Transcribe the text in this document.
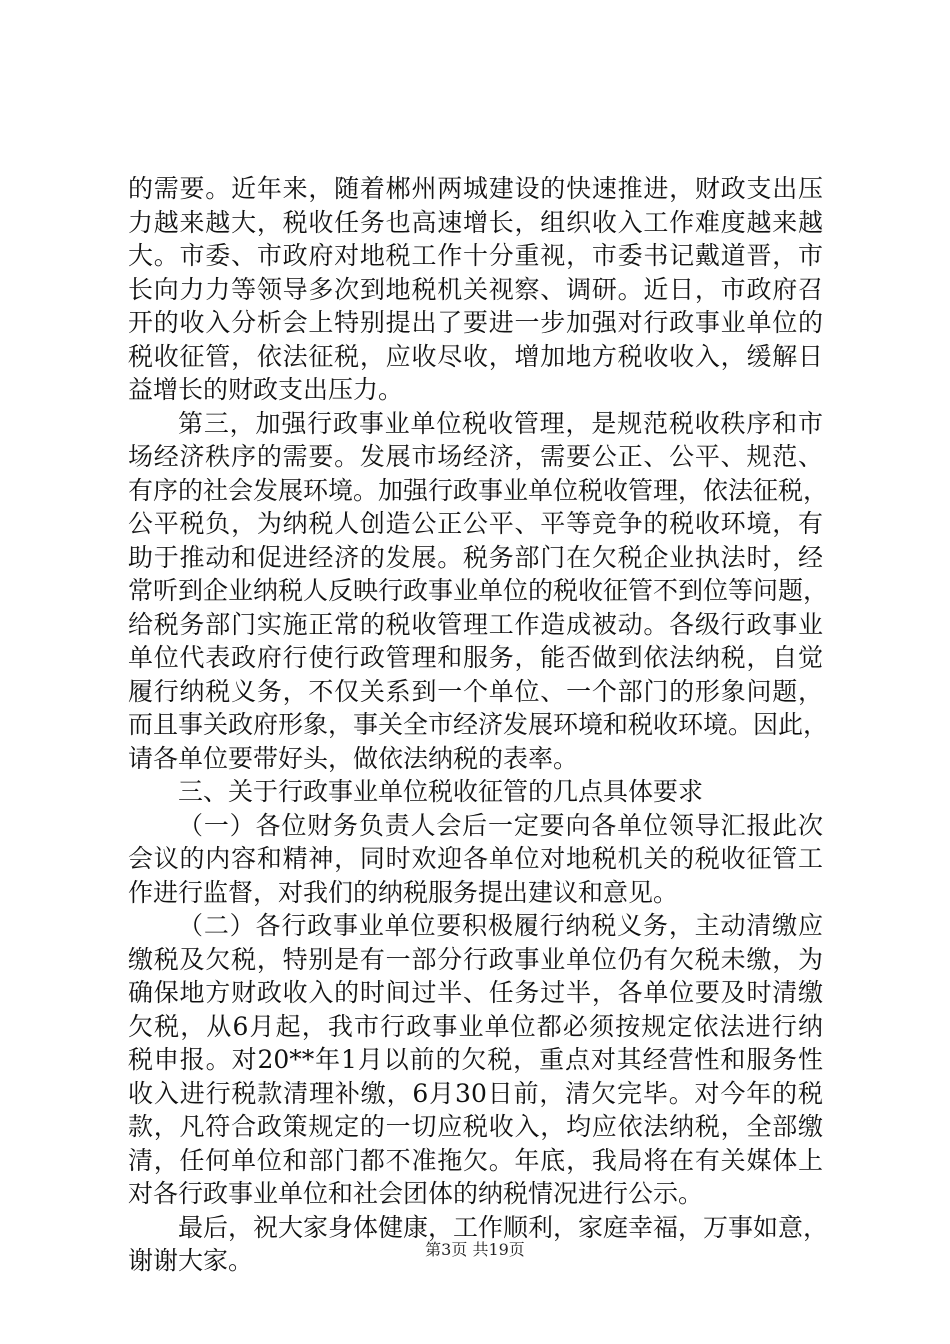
的需要。近年来，随着郴州两城建设的快速推进，财政支出压
力越来越大，税收任务也高速增长，组织收入工作难度越来越
大。市委、市政府对地税工作十分重视，市委书记戴道晋，市
长向力力等领导多次到地税机关视察、调研。近日，市政府召
开的收入分析会上特别提出了要进一步加强对行政事业单位的
税收征管，依法征税，应收尽收，增加地方税收收入，缓解日
益增长的财政支出压力。
第三，加强行政事业单位税收管理，是规范税收秩序和市
场经济秩序的需要。发展市场经济，需要公正、公平、规范、
有序的社会发展环境。加强行政事业单位税收管理，依法征税，
公平税负，为纳税人创造公正公平、平等竞争的税收环境，有
助于推动和促进经济的发展。税务部门在欠税企业执法时，经
常听到企业纳税人反映行政事业单位的税收征管不到位等问题，
给税务部门实施正常的税收管理工作造成被动。各级行政事业
单位代表政府行使行政管理和服务，能否做到依法纳税，自觉
履行纳税义务，不仅关系到一个单位、一个部门的形象问题，
而且事关政府形象，事关全市经济发展环境和税收环境。因此，
请各单位要带好头，做依法纳税的表率。
三、关于行政事业单位税收征管的几点具体要求
（一）各位财务负责人会后一定要向各单位领导汇报此次
会议的内容和精神，同时欢迎各单位对地税机关的税收征管工
作进行监督，对我们的纳税服务提出建议和意见。
（二）各行政事业单位要积极履行纳税义务，主动清缴应
缴税及欠税，特别是有一部分行政事业单位仍有欠税未缴，为
确保地方财政收入的时间过半、任务过半，各单位要及时清缴
欠税，从6月起，我市行政事业单位都必须按规定依法进行纳
税申报。对20**年1月以前的欠税，重点对其经营性和服务性
收入进行税款清理补缴，6月30日前，清欠完毕。对今年的税
款，凡符合政策规定的一切应税收入，均应依法纳税，全部缴
清，任何单位和部门都不准拖欠。年底，我局将在有关媒体上
对各行政事业单位和社会团体的纳税情况进行公示。
最后，祝大家身体健康，工作顺利，家庭幸福，万事如意，
谢谢大家。	第3页 共19页
